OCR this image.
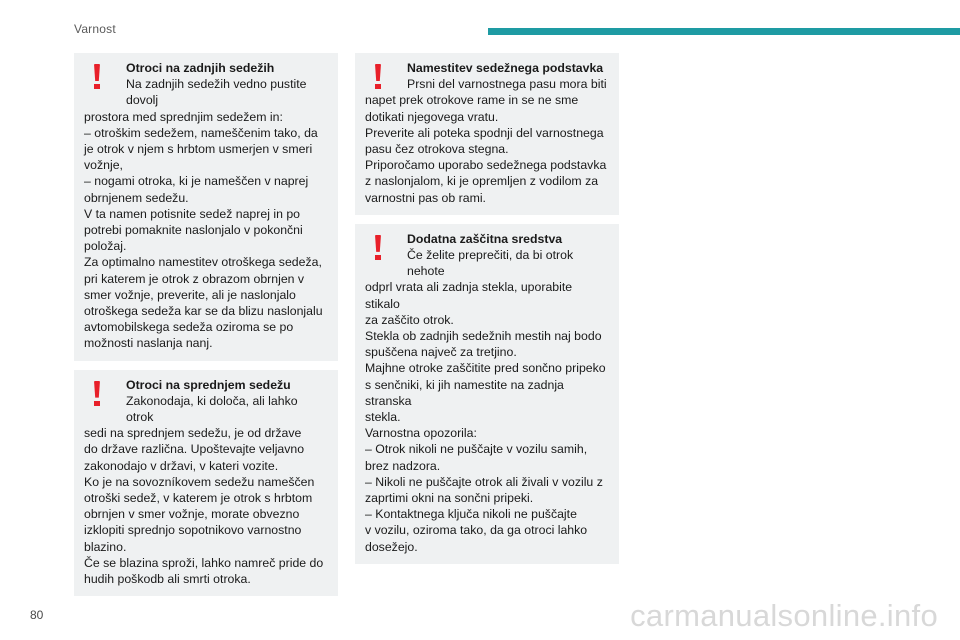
Varnost
Otroci na zadnjih sedežih
Na zadnjih sedežih vedno pustite dovolj
prostora med sprednjim sedežem in:
– otroškim sedežem, nameščenim tako, da
je otrok v njem s hrbtom usmerjen v smeri
vožnje,
– nogami otroka, ki je nameščen v naprej
obrnjenem sedežu.
V ta namen potisnite sedež naprej in po
potrebi pomaknite naslonjalo v pokončni
položaj.
Za optimalno namestitev otroškega sedeža,
pri katerem je otrok z obrazom obrnjen v
smer vožnje, preverite, ali je naslonjalo
otroškega sedeža kar se da blizu naslonjalu
avtomobilskega sedeža oziroma se po
možnosti naslanja nanj.
Otroci na sprednjem sedežu
Zakonodaja, ki določa, ali lahko otrok
sedi na sprednjem sedežu, je od države
do države različna. Upoštevajte veljavno
zakonodajo v državi, v kateri vozite.
Ko je na sovozníkovem sedežu nameščen
otroški sedež, v katerem je otrok s hrbtom
obrnjen v smer vožnje, morate obvezno
izklopiti sprednjo sopotnikovo varnostno
blazino.
Če se blazina sproži, lahko namreč pride do
hudih poškodb ali smrti otroka.
Namestitev sedežnega podstavka
Prsni del varnostnega pasu mora biti
napet prek otrokove rame in se ne sme
dotikati njegovega vratu.
Preverite ali poteka spodnji del varnostnega
pasu čez otrokova stegna.
Priporočamo uporabo sedežnega podstavka
z naslonjalom, ki je opremljen z vodilom za
varnostni pas ob rami.
Dodatna zaščitna sredstva
Če želite preprečiti, da bi otrok nehote
odprl vrata ali zadnja stekla, uporabite stikalo
za zaščito otrok.
Stekla ob zadnjih sedežnih mestih naj bodo
spuščena največ za tretjino.
Majhne otroke zaščitite pred sončno pripeko
s senčniki, ki jih namestite na zadnja stranska
stekla.
Varnostna opozorila:
– Otrok nikoli ne puščajte v vozilu samih,
brez nadzora.
– Nikoli ne puščajte otrok ali živali v vozilu z
zaprtimi okni na sončni pripeki.
– Kontaktnega ključa nikoli ne puščajte
v vozilu, oziroma tako, da ga otroci lahko
dosežejo.
80	carmanualsonline.info
